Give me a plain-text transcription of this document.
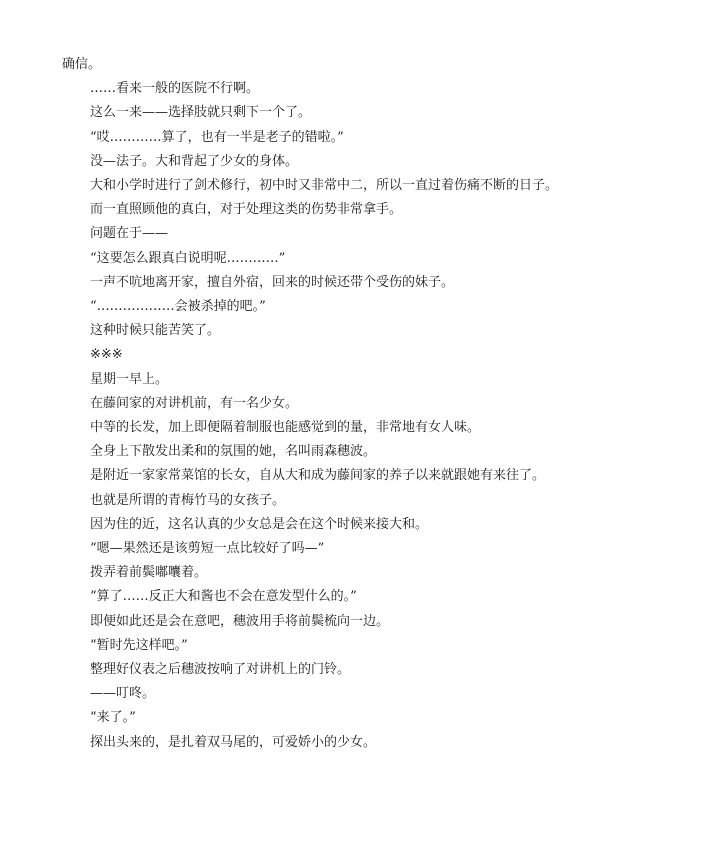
确信。

……看来一般的医院不行啊。

这么一来——选择肢就只剩下一个了。

“哎…………算了，也有一半是老子的错啦。”

没—法子。大和背起了少女的身体。

大和小学时进行了剑术修行，初中时又非常中二，所以一直过着伤痛不断的日子。

而一直照顾他的真白，对于处理这类的伤势非常拿手。

问题在于——

“这要怎么跟真白说明呢…………”

一声不吭地离开家，擅自外宿，回来的时候还带个受伤的妹子。

“………………会被杀掉的吧。”

这种时候只能苦笑了。

※※※

星期一早上。

在藤间家的对讲机前，有一名少女。

中等的长发，加上即便隔着制服也能感觉到的量，非常地有女人味。

全身上下散发出柔和的氛围的她，名叫雨森穗波。

是附近一家家常菜馆的长女，自从大和成为藤间家的养子以来就跟她有来往了。

也就是所谓的青梅竹马的女孩子。

因为住的近，这名认真的少女总是会在这个时候来接大和。

“嗯—果然还是该剪短一点比较好了吗—”

拨弄着前鬓嘟囔着。

“算了……反正大和酱也不会在意发型什么的。”

即便如此还是会在意吧，穗波用手将前鬓梳向一边。

“暂时先这样吧。”

整理好仪表之后穗波按响了对讲机上的门铃。

——叮咚。

“来了。”

探出头来的，是扎着双马尾的，可爱娇小的少女。
